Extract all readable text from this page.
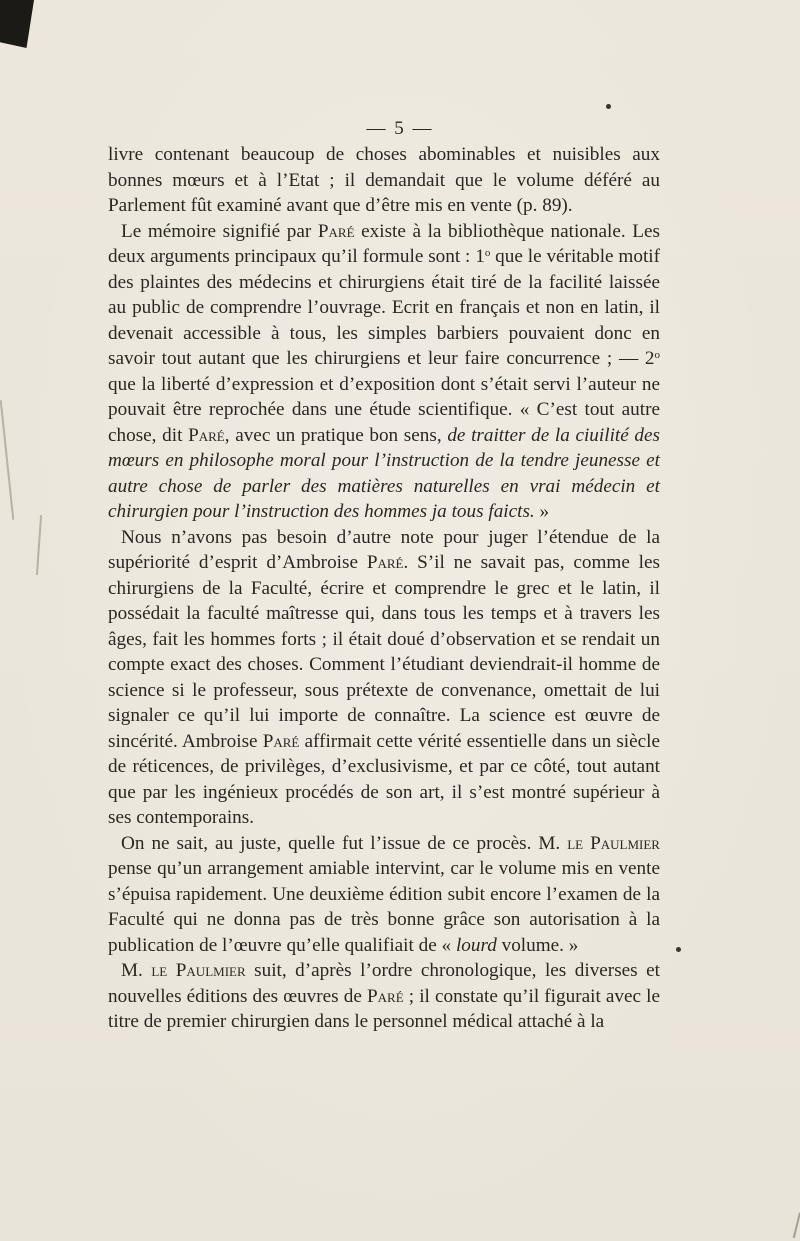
— 5 —

livre contenant beaucoup de choses abominables et nuisibles aux bonnes mœurs et à l’Etat ; il demandait que le volume déféré au Parlement fût examiné avant que d’être mis en vente (p. 89).

Le mémoire signifié par Paré existe à la bibliothèque nationale. Les deux arguments principaux qu’il formule sont : 1$^o$ que le véritable motif des plaintes des médecins et chirurgiens était tiré de la facilité laissée au public de comprendre l’ouvrage. Ecrit en français et non en latin, il devenait accessible à tous, les simples barbiers pouvaient donc en savoir tout autant que les chirurgiens et leur faire concurrence ; — 2$^o$ que la liberté d’expression et d’exposition dont s’était servi l’auteur ne pouvait être reprochée dans une étude scientifique. « C’est tout autre chose, dit Paré, avec un pratique bon sens, de traitter de la ciuilité des mœurs en philosophe moral pour l’instruction de la tendre jeunesse et autre chose de parler des matières naturelles en vrai médecin et chirurgien pour l’instruction des hommes ja tous faicts. »

Nous n’avons pas besoin d’autre note pour juger l’étendue de la supériorité d’esprit d’Ambroise Paré. S’il ne savait pas, comme les chirurgiens de la Faculté, écrire et comprendre le grec et le latin, il possédait la faculté maîtresse qui, dans tous les temps et à travers les âges, fait les hommes forts ; il était doué d’observation et se rendait un compte exact des choses. Comment l’étudiant deviendrait-il homme de science si le professeur, sous prétexte de convenance, omettait de lui signaler ce qu’il lui importe de connaître. La science est œuvre de sincérité. Ambroise Paré affirmait cette vérité essentielle dans un siècle de réticences, de privilèges, d’exclusivisme, et par ce côté, tout autant que par les ingénieux procédés de son art, il s’est montré supérieur à ses contemporains.

On ne sait, au juste, quelle fut l’issue de ce procès. M. le Paulmier pense qu’un arrangement amiable intervint, car le volume mis en vente s’épuisa rapidement. Une deuxième édition subit encore l’examen de la Faculté qui ne donna pas de très bonne grâce son autorisation à la publication de l’œuvre qu’elle qualifiait de « lourd volume. »

M. le Paulmier suit, d’après l’ordre chronologique, les diverses et nouvelles éditions des œuvres de Paré ; il constate qu’il figurait avec le titre de premier chirurgien dans le personnel médical attaché à la
